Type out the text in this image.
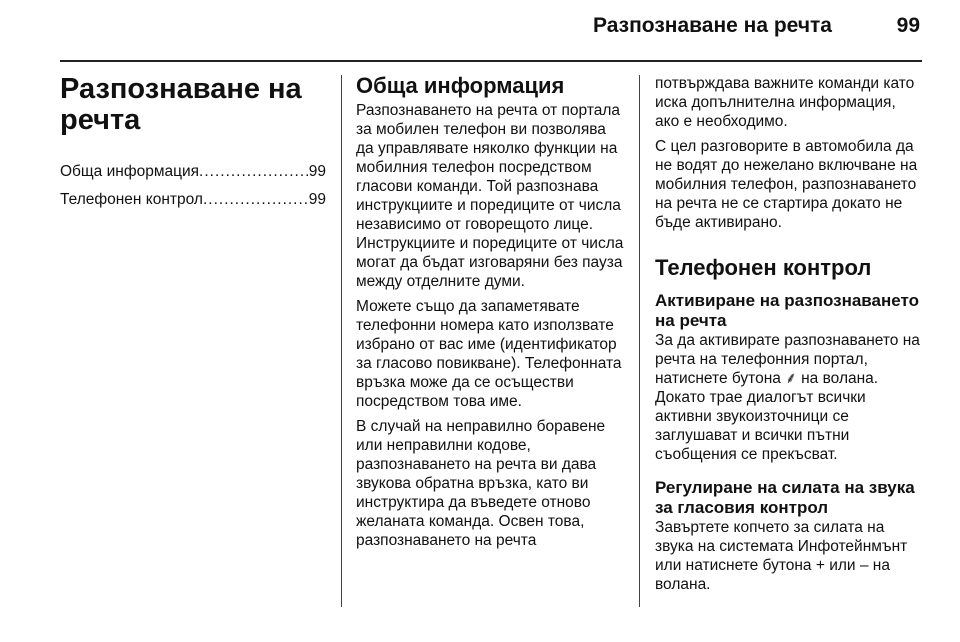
Разпознаване на речта	99
Разпознаване на речта
Обща информация .....	99
Телефонен контрол .....	99
Обща информация

Разпознаването на речта от портала за мобилен телефон ви позволява да управлявате няколко функции на мобилния телефон посредством гласови команди. Той разпознава инструкциите и поредиците от числа независимо от говорещото лице. Инструкциите и поредиците от числа могат да бъдат изговаряни без пауза между отделните думи.

Можете също да запаметявате телефонни номера като използвате избрано от вас име (идентификатор за гласово повикване). Телефонната връзка може да се осъществи посредством това име.

В случай на неправилно боравене или неправилни кодове, разпознаването на речта ви дава звукова обратна връзка, като ви инструктира да въведете отново желаната команда. Освен това, разпознаването на речта

потвърждава важните команди като иска допълнителна информация, ако е необходимо.

С цел разговорите в автомобила да не водят до нежелано включване на мобилния телефон, разпознаването на речта не се стартира докато не бъде активирано.

Телефонен контрол
Активиране на разпознаването на речта

За да активирате разпознаването на речта на телефонния портал, натиснете бутона ⸙ на волана. Докато трае диалогът всички активни звукоизточници се заглушават и всички пътни съобщения се прекъсват.

Регулиране на силата на звука за гласовия контрол

Завъртете копчето за силата на звука на системата Инфотейнмънт или натиснете бутона + или – на волана.
